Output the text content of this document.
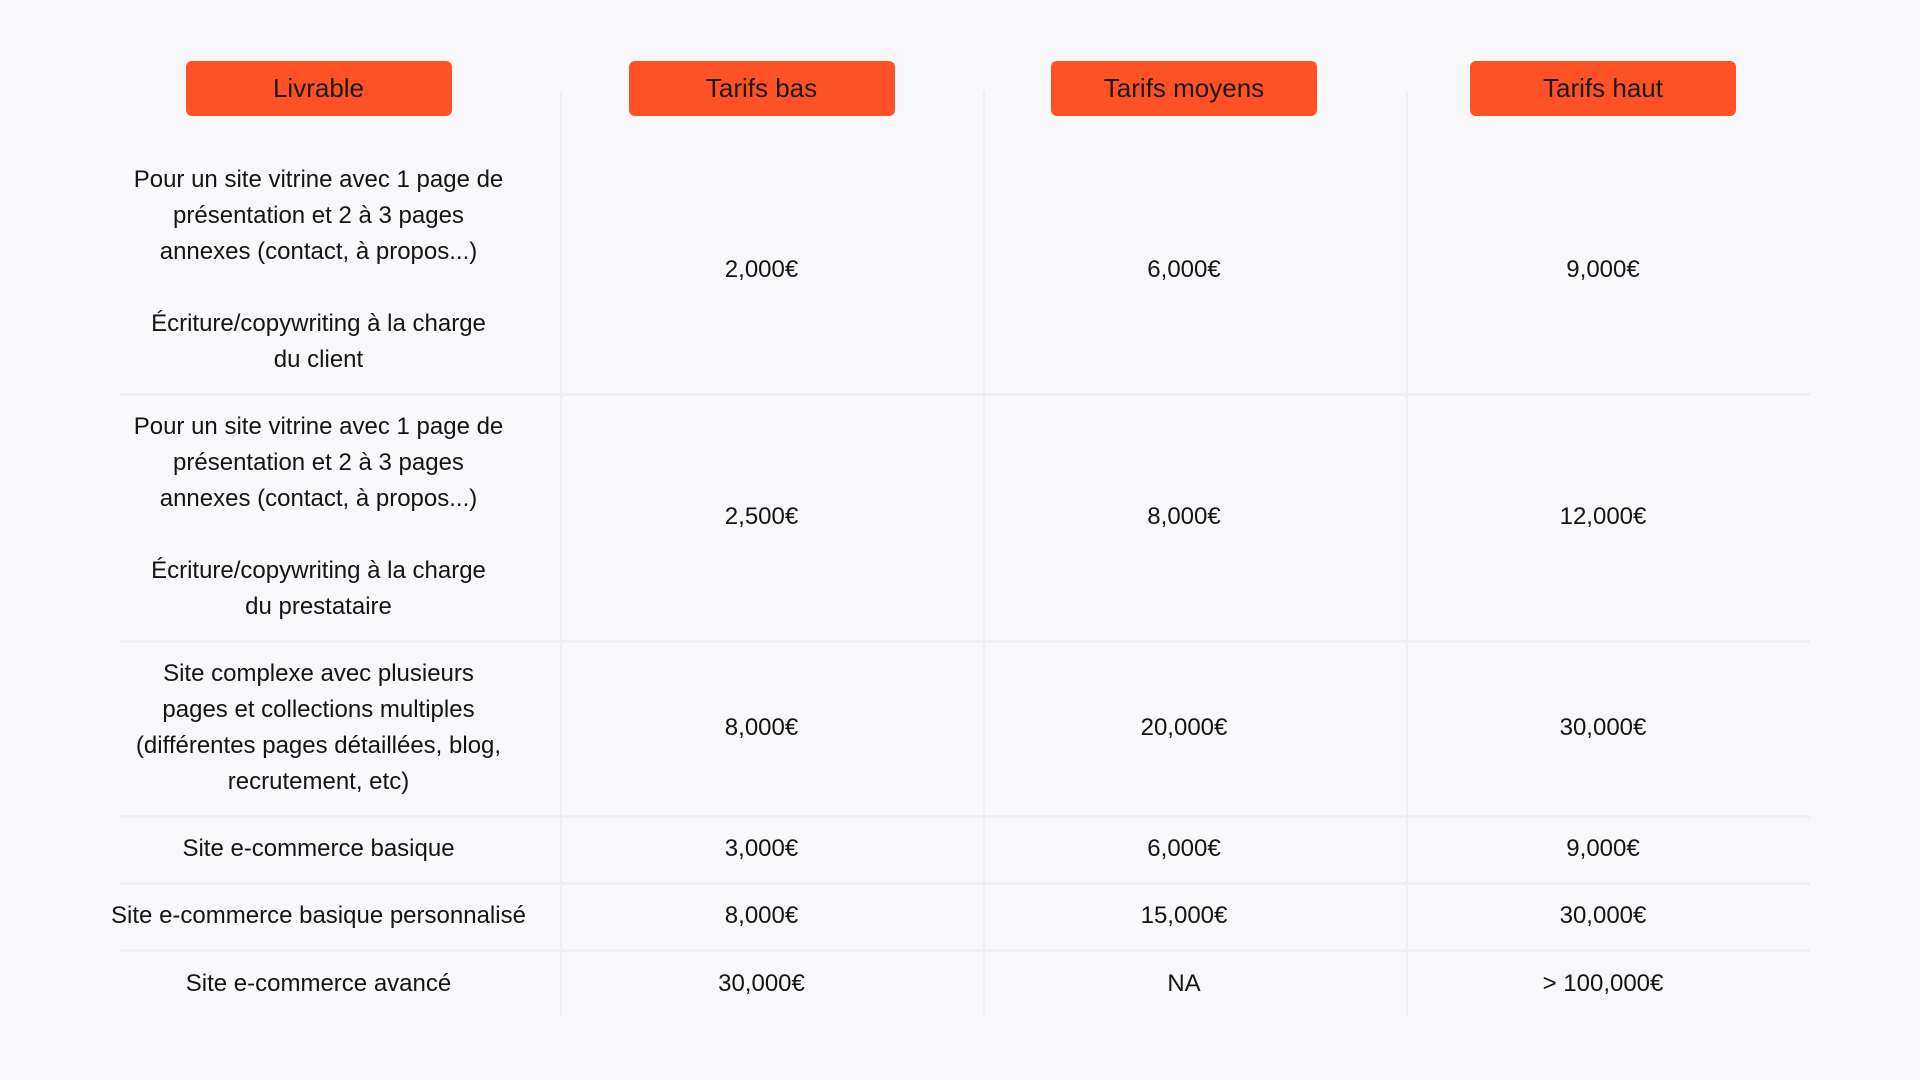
Livrable	Tarifs bas	Tarifs moyens	Tarifs haut
Pour un site vitrine avec 1 page de
présentation et 2 à 3 pages
annexes (contact, à propos...)
Écriture/copywriting à la charge
du client
2,000€	6,000€	9,000€
Pour un site vitrine avec 1 page de
présentation et 2 à 3 pages
annexes (contact, à propos...)
Écriture/copywriting à la charge
du prestataire
2,500€	8,000€	12,000€
Site complexe avec plusieurs
pages et collections multiples
(différentes pages détaillées, blog,
recrutement, etc)
8,000€	20,000€	30,000€
Site e-commerce basique	3,000€	6,000€	9,000€
Site e-commerce basique personnalisé	8,000€	15,000€	30,000€
Site e-commerce avancé	30,000€	NA	> 100,000€
